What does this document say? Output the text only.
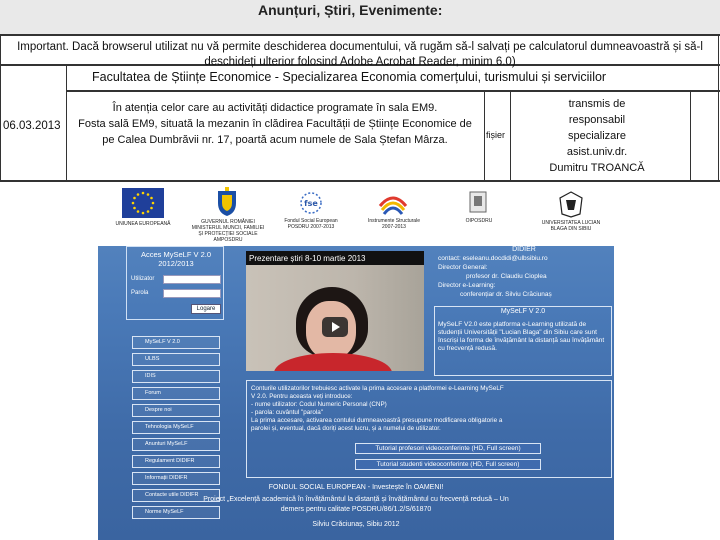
Anunțuri, Știri, Evenimente:
Important. Dacă browserul utilizat nu vă permite deschiderea documentului, vă rugăm să-l salvați pe calculatorul dumneavoastră și să-l deschideți ulterior folosind Adobe Acrobat Reader, minim 6.0)
Facultatea de Științe Economice - Specializarea Economia comerțului, turismului și serviciilor
06.03.2013
În atenția celor care au activități didactice programate în sala EM9.
Fosta sală EM9, situată la mezanin în clădirea Facultății de Științe Economice de
pe Calea Dumbrăvii nr. 17, poartă acum numele de Sala Ștefan Mârza.	fișier
transmis de
responsabil
specializare
asist.univ.dr.
Dumitru TROANCĂ
UNIUNEA EUROPEANĂ	GUVERNUL ROMÂNIEI MINISTERUL MUNCII, FAMILIEI ȘI PROTECȚIEI SOCIALE AMPOSDRU
fse
Fondul Social European POSDRU 2007-2013
Instrumente Structurale 2007-2013
OIPOSDRU	UNIVERSITATEA LUCIAN BLAGA DIN SIBIU
Acces MySeLF V 2.0
2012/2013
Utilizator
Parola
Logare
MySeLF V 2.0
ULBS
IDIS
Forum
Despre noi
Tehnologia MySeLF
Anunturi MySeLF
Regulament DIDIFR
Informații DIDIFR
Contacte utile DIDIFR
Norme MySeLF
Prezentare știri 8-10 martie 2013
DIDIER
contact: eseleanu.docdidi@ulbsibiu.ro
Director General:
profesor dr. Claudiu Cioplea
Director e-Learning:
conferențiar dr. Silviu Crăciunaș
MySeLF V 2.0
MySeLF V2.0 este platforma e-Learning utilizată de studenții Universității "Lucian Blaga" din Sibiu care sunt înscriși la forma de învățământ la distanță sau învățământ cu frecvență redusă.
Conturile utilizatorilor trebuiesc activate la prima accesare a platformei e-Learning MySeLF
V 2.0. Pentru aceasta veți introduce:
- nume utilizator: Codul Numeric Personal (CNP)
- parola: cuvântul "parola"
La prima accesare, activarea contului dumneavoastră presupune modificarea obligatorie a
parolei și, eventual, dacă doriți acest lucru, și a numelui de utilizator.
Tutorial profesori videoconferinte (HD, Full screen)
Tutorial studenti videoconferinte (HD, Full screen)
FONDUL SOCIAL EUROPEAN - Investește în OAMENI!
Proiect „Excelență academică în învățământul la distanță și învățământul cu frecvență redusă – Un
demers pentru calitate POSDRU/86/1.2/S/61870
Silviu Crăciunaș, Sibiu 2012
